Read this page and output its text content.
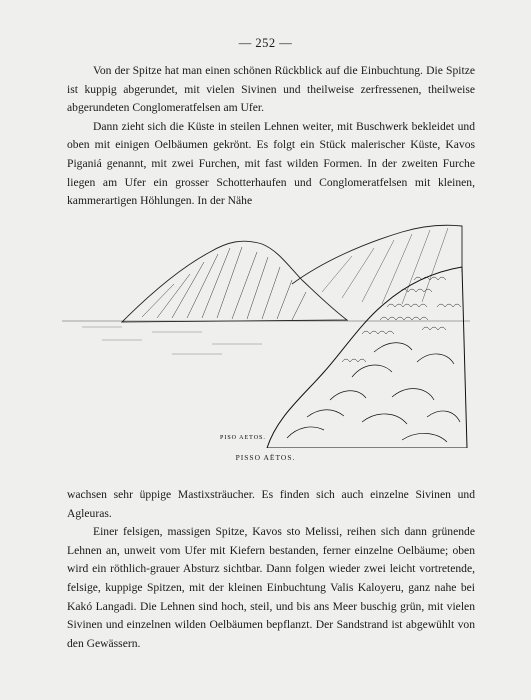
— 252 —

Von der Spitze hat man einen schönen Rückblick auf die Einbuchtung. Die Spitze ist kuppig abgerundet, mit vielen Sivinen und theilweise zerfressenen, theilweise abgerundeten Conglomeratfelsen am Ufer.

Dann zieht sich die Küste in steilen Lehnen weiter, mit Buschwerk bekleidet und oben mit einigen Oelbäumen gekrönt. Es folgt ein Stück malerischer Küste, Kavos Piganiá genannt, mit zwei Furchen, mit fast wilden Formen. In der zweiten Furche liegen am Ufer ein grosser Schotterhaufen und Conglomeratfelsen mit kleinen, kammerartigen Höhlungen. In der Nähe

PISO AETOS.
PISSO AËTOS.

wachsen sehr üppige Mastixsträucher. Es finden sich auch einzelne Sivinen und Agleuras.

Einer felsigen, massigen Spitze, Kavos sto Melissi, reihen sich dann grünende Lehnen an, unweit vom Ufer mit Kiefern bestanden, ferner einzelne Oelbäume; oben wird ein röthlich-grauer Absturz sichtbar. Dann folgen wieder zwei leicht vortretende, felsige, kuppige Spitzen, mit der kleinen Einbuchtung Valis Kaloyeru, ganz nahe bei Kakó Langadi. Die Lehnen sind hoch, steil, und bis ans Meer buschig grün, mit vielen Sivinen und einzelnen wilden Oelbäumen bepflanzt. Der Sandstrand ist abgewühlt von den Gewässern.
